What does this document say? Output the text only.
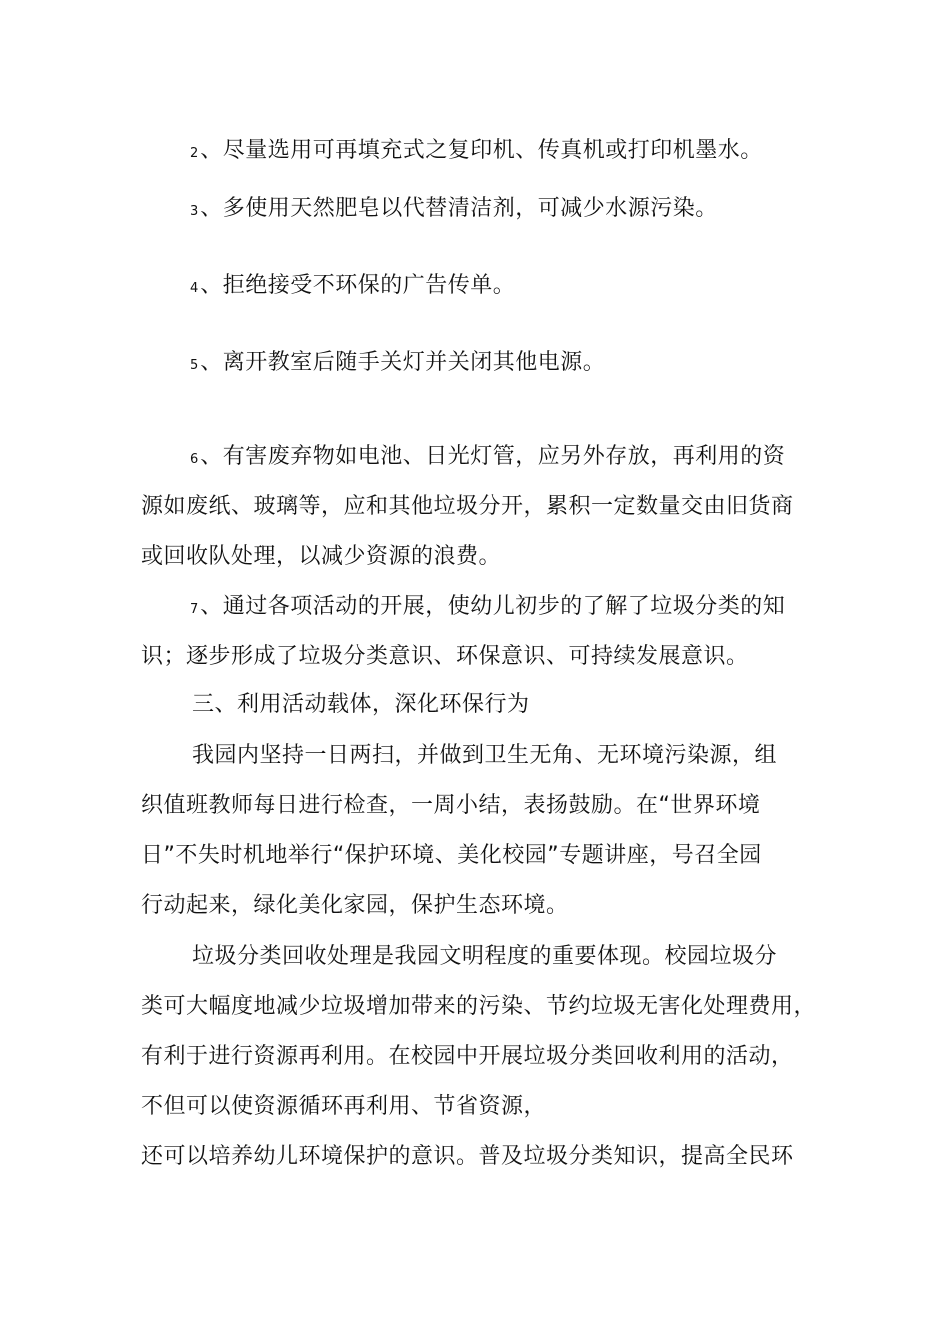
2、尽量选用可再填充式之复印机、传真机或打印机墨水。
3、多使用天然肥皂以代替清洁剂，可减少水源污染。
4、拒绝接受不环保的广告传单。
5、离开教室后随手关灯并关闭其他电源。
6、有害废弃物如电池、日光灯管，应另外存放，再利用的资
源如废纸、玻璃等，应和其他垃圾分开，累积一定数量交由旧货商
或回收队处理，以减少资源的浪费。
7、通过各项活动的开展，使幼儿初步的了解了垃圾分类的知
识；逐步形成了垃圾分类意识、环保意识、可持续发展意识。
三、利用活动载体，深化环保行为
我园内坚持一日两扫，并做到卫生无角、无环境污染源，组
织值班教师每日进行检查，一周小结，表扬鼓励。在“世界环境
日”不失时机地举行“保护环境、美化校园”专题讲座，号召全园
行动起来，绿化美化家园，保护生态环境。
垃圾分类回收处理是我园文明程度的重要体现。校园垃圾分
类可大幅度地减少垃圾增加带来的污染、节约垃圾无害化处理费用，
有利于进行资源再利用。在校园中开展垃圾分类回收利用的活动，
不但可以使资源循环再利用、节省资源，
还可以培养幼儿环境保护的意识。普及垃圾分类知识，提高全民环
